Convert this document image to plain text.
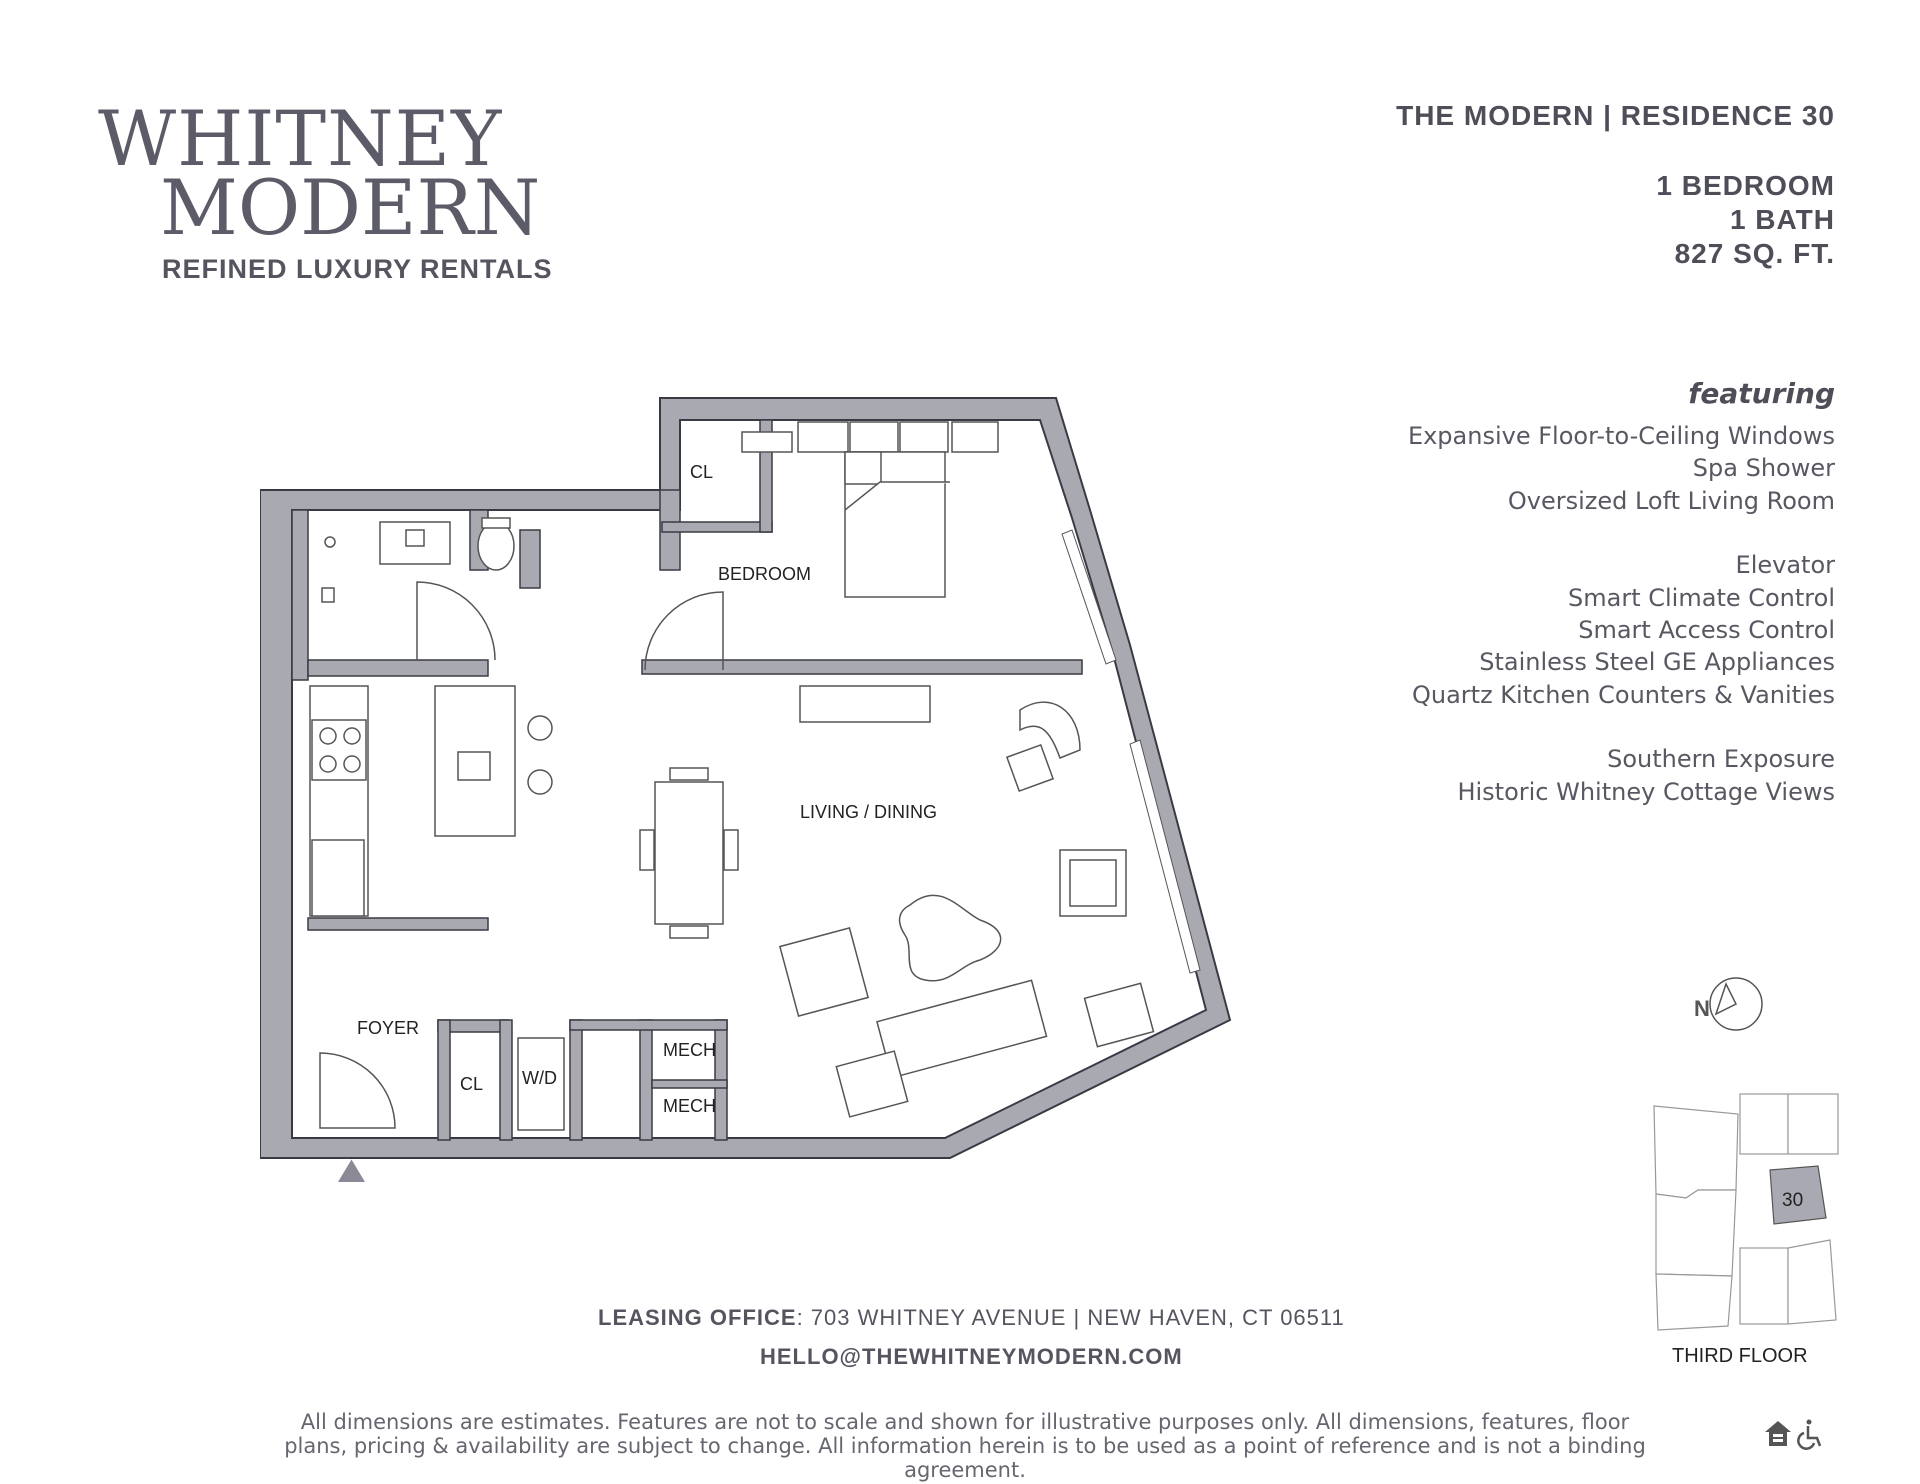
WHITNEY
MODERN
REFINED LUXURY RENTALS
THE MODERN | RESIDENCE 30
1 BEDROOM
1 BATH
827 SQ. FT.
featuring
Expansive Floor-to-Ceiling Windows
Spa Shower
Oversized Loft Living Room
Elevator
Smart Climate Control
Smart Access Control
Stainless Steel GE Appliances
Quartz Kitchen Counters & Vanities
Southern Exposure
Historic Whitney Cottage Views
CL
BEDROOM
LIVING / DINING
FOYER
CL W/D
MECH
MECH
N
30
THIRD FLOOR
LEASING OFFICE: 703 WHITNEY AVENUE | NEW HAVEN, CT 06511
HELLO@THEWHITNEYMODERN.COM
All dimensions are estimates. Features are not to scale and shown for illustrative purposes only. All dimensions, features, floor plans, pricing & availability are subject to change. All information herein is to be used as a point of reference and is not a binding agreement.
